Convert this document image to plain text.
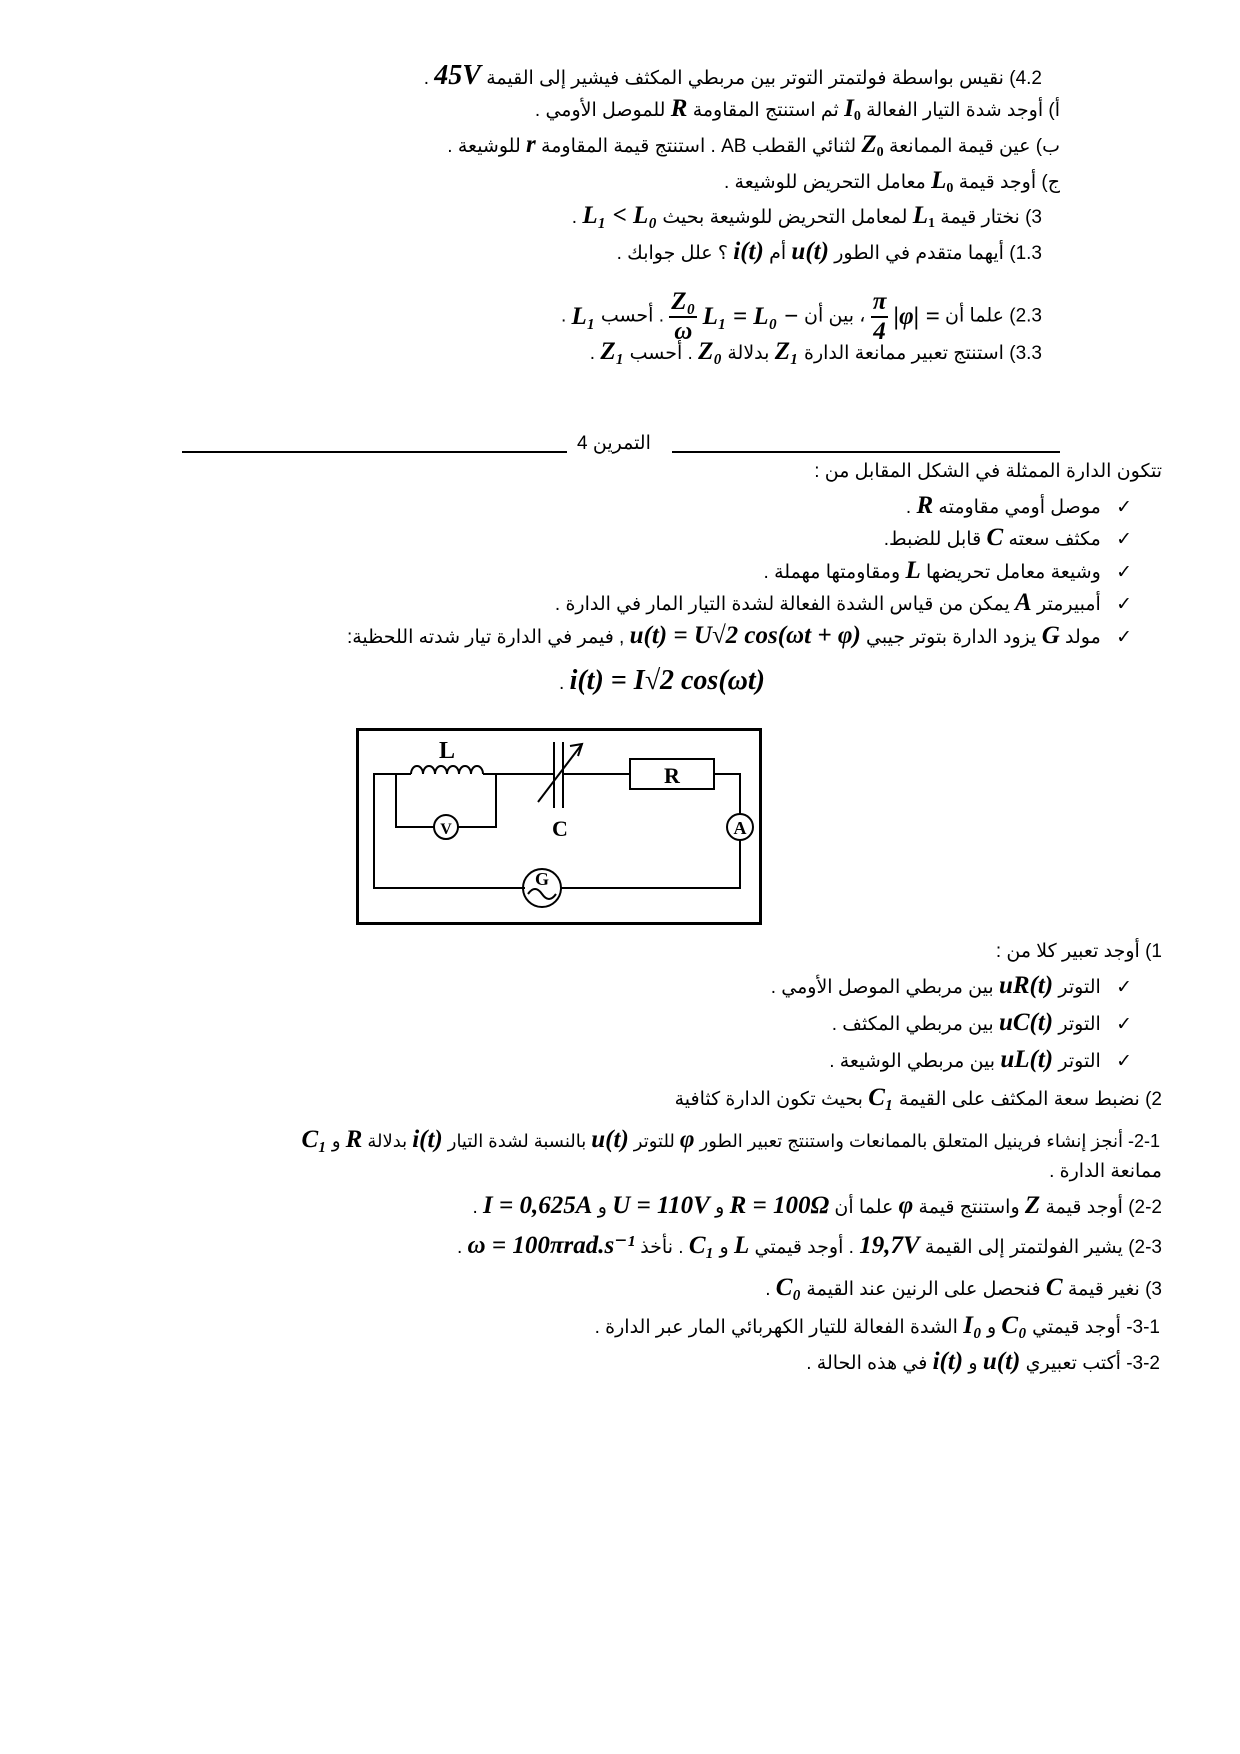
4.2) نقيس بواسطة فولتمتر التوتر بين مربطي المكثف فيشير إلى القيمة 45V .
أ) أوجد شدة التيار الفعالة $I_0$ ثم استنتج المقاومة R للموصل الأومي .
ب) عين قيمة الممانعة $Z_0$ لثنائي القطب AB . استنتج قيمة المقاومة r للوشيعة .
ج) أوجد قيمة $L_0$ معامل التحريض للوشيعة .
3) نختار قيمة $L_1$ لمعامل التحريض للوشيعة بحيث L₁ < L₀ .
1.3) أيهما متقدم في الطور u(t) أم i(t) ؟ علل جوابك .
2.3) علما أن |φ| =
$\frac{\pi}{4}$
، بين أن L₁ = L₀ −
$\frac{\text{Z₀}}{\omega}$
. أحسب L₁ .
3.3) استنتج تعبير ممانعة الدارة Z₁ بدلالة Z₀ . أحسب Z₁ .
التمرين 4
تتكون الدارة الممثلة في الشكل المقابل من :
✓ موصل أومي مقاومته R .
✓ مكثف سعته C قابل للضبط.
✓ وشيعة معامل تحريضها L ومقاومتها مهملة .
✓ أمبيرمتر A يمكن من قياس الشدة الفعالة لشدة التيار المار في الدارة .
✓ مولد G يزود الدارة بتوتر جيبي u(t) = U√2 cos(ωt + φ) , فيمر في الدارة تيار شدته اللحظية:
i(t) = I√2 cos(ωt) .
L
C
R
V	A
G
1) أوجد تعبير كلا من :
✓ التوتر uR(t) بين مربطي الموصل الأومي .
✓ التوتر uC(t) بين مربطي المكثف .
✓ التوتر uL(t) بين مربطي الوشيعة .
2) نضبط سعة المكثف على القيمة C₁ بحيث تكون الدارة كثافية
2-1- أنجز إنشاء فرينيل المتعلق بالممانعات واستنتج تعبير الطور φ للتوتر u(t) بالنسبة لشدة التيار i(t) بدلالة R و C₁
ممانعة الدارة .
2-2) أوجد قيمة Z واستنتج قيمة φ علما أن R = 100Ω و U = 110V و I = 0,625A .
2-3) يشير الفولتمتر إلى القيمة 19,7V . أوجد قيمتي L و C₁ . نأخذ ω = 100πrad.s⁻¹ .
3) نغير قيمة C فنحصل على الرنين عند القيمة C₀ .
3-1- أوجد قيمتي C₀ و I₀ الشدة الفعالة للتيار الكهربائي المار عبر الدارة .
3-2- أكتب تعبيري u(t) و i(t) في هذه الحالة .
